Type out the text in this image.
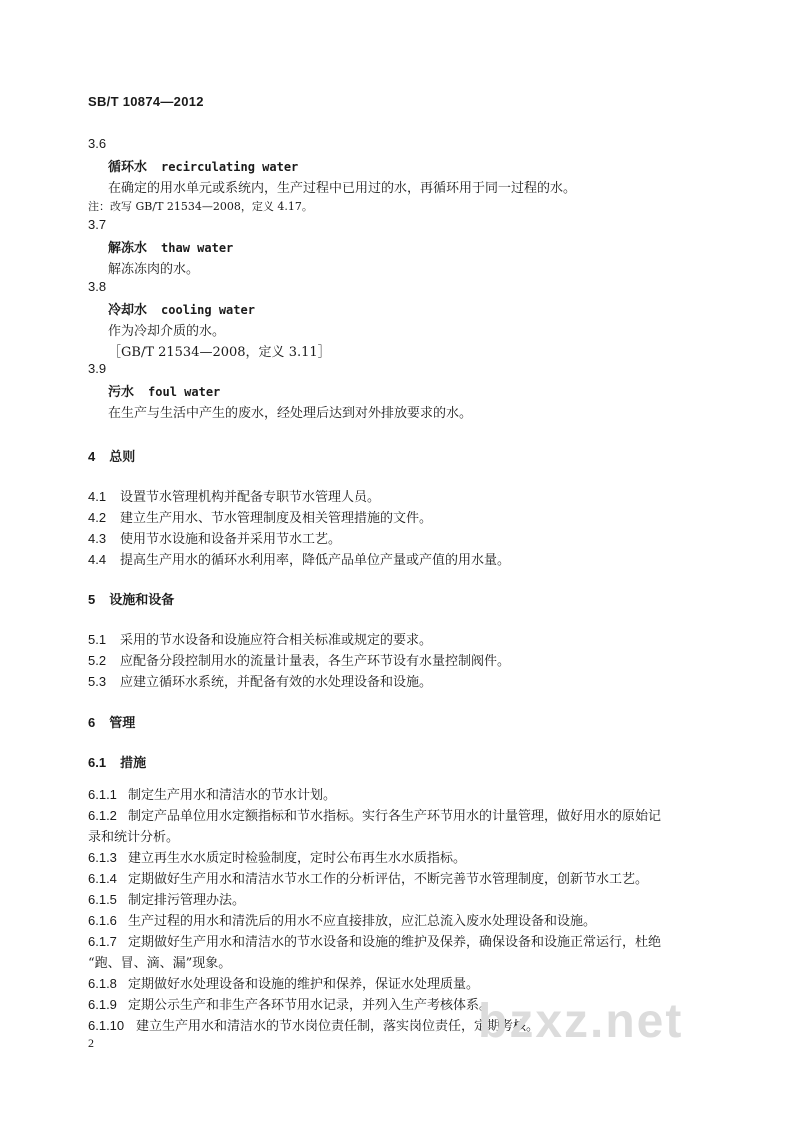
SB/T 10874—2012
3.6
循环水 recirculating water
在确定的用水单元或系统内，生产过程中已用过的水，再循环用于同一过程的水。
注：改写 GB/T 21534—2008，定义 4.17。
3.7
解冻水 thaw water
解冻冻肉的水。
3.8
冷却水 cooling water
作为冷却介质的水。
［GB/T 21534—2008，定义 3.11］
3.9
污水 foul water
在生产与生活中产生的废水，经处理后达到对外排放要求的水。
4 总则
4.1 设置节水管理机构并配备专职节水管理人员。
4.2 建立生产用水、节水管理制度及相关管理措施的文件。
4.3 使用节水设施和设备并采用节水工艺。
4.4 提高生产用水的循环水利用率，降低产品单位产量或产值的用水量。
5 设施和设备
5.1 采用的节水设备和设施应符合相关标准或规定的要求。
5.2 应配备分段控制用水的流量计量表，各生产环节设有水量控制阀件。
5.3 应建立循环水系统，并配备有效的水处理设备和设施。
6 管理
6.1 措施
6.1.1 制定生产用水和清洁水的节水计划。
6.1.2 制定产品单位用水定额指标和节水指标。实行各生产环节用水的计量管理，做好用水的原始记
录和统计分析。
6.1.3 建立再生水水质定时检验制度，定时公布再生水水质指标。
6.1.4 定期做好生产用水和清洁水节水工作的分析评估，不断完善节水管理制度，创新节水工艺。
6.1.5 制定排污管理办法。
6.1.6 生产过程的用水和清洗后的用水不应直接排放，应汇总流入废水处理设备和设施。
6.1.7 定期做好生产用水和清洁水的节水设备和设施的维护及保养，确保设备和设施正常运行，杜绝
“跑、冒、滴、漏”现象。
6.1.8 定期做好水处理设备和设施的维护和保养，保证水处理质量。
6.1.9 定期公示生产和非生产各环节用水记录，并列入生产考核体系。
6.1.10 建立生产用水和清洁水的节水岗位责任制，落实岗位责任，定期考核。
bzxz.net
2
